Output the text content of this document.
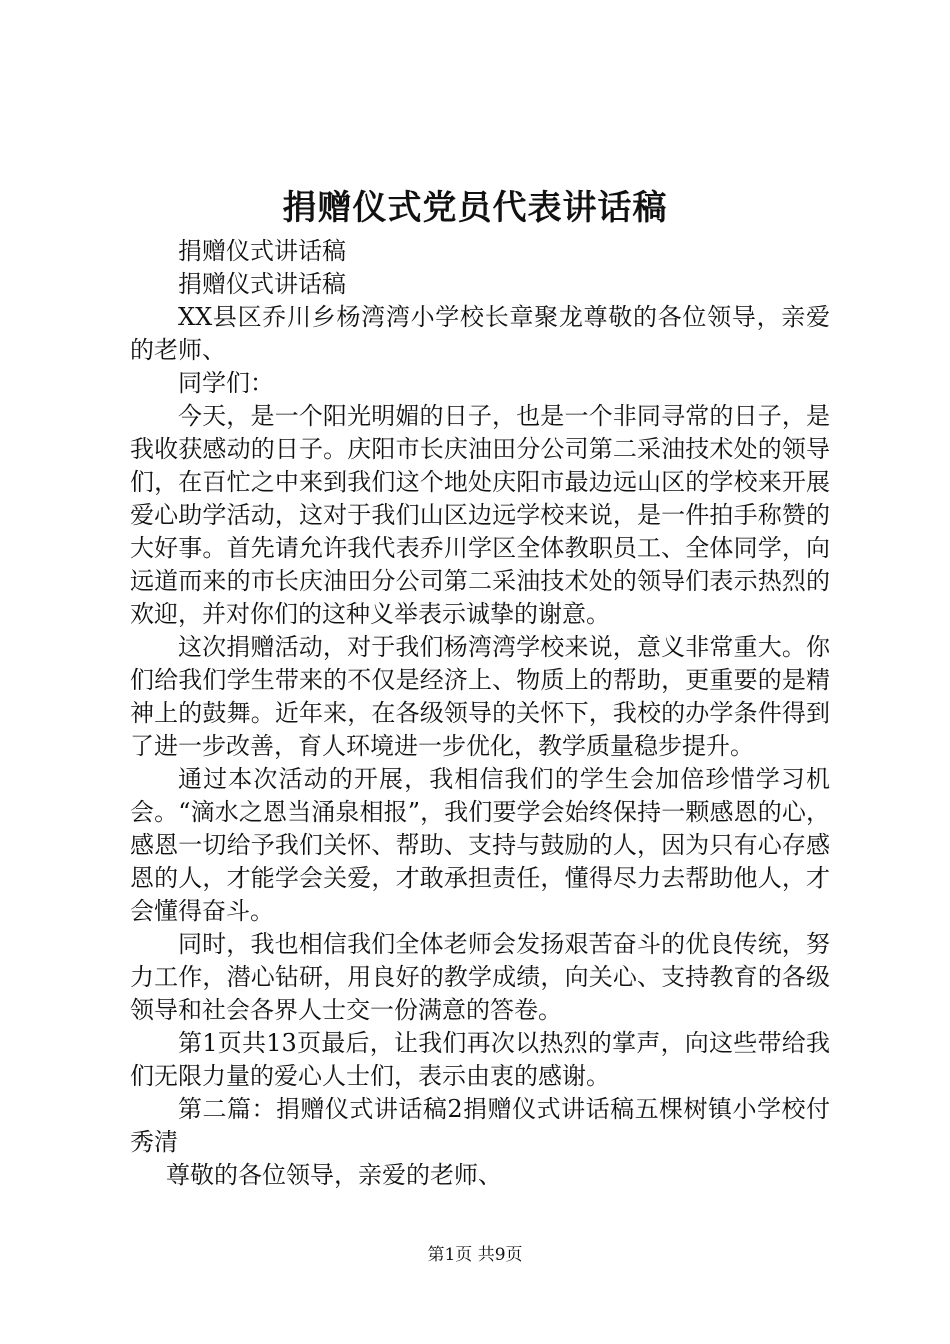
捐赠仪式党员代表讲话稿

捐赠仪式讲话稿

捐赠仪式讲话稿

XX县区乔川乡杨湾湾小学校长章聚龙尊敬的各位领导，亲爱的老师、

同学们：

今天，是一个阳光明媚的日子，也是一个非同寻常的日子，是我收获感动的日子。庆阳市长庆油田分公司第二采油技术处的领导们，在百忙之中来到我们这个地处庆阳市最边远山区的学校来开展爱心助学活动，这对于我们山区边远学校来说，是一件拍手称赞的大好事。首先请允许我代表乔川学区全体教职员工、全体同学，向远道而来的市长庆油田分公司第二采油技术处的领导们表示热烈的欢迎，并对你们的这种义举表示诚挚的谢意。

这次捐赠活动，对于我们杨湾湾学校来说，意义非常重大。你们给我们学生带来的不仅是经济上、物质上的帮助，更重要的是精神上的鼓舞。近年来，在各级领导的关怀下，我校的办学条件得到了进一步改善，育人环境进一步优化，教学质量稳步提升。

通过本次活动的开展，我相信我们的学生会加倍珍惜学习机会。“滴水之恩当涌泉相报”，我们要学会始终保持一颗感恩的心，感恩一切给予我们关怀、帮助、支持与鼓励的人，因为只有心存感恩的人，才能学会关爱，才敢承担责任，懂得尽力去帮助他人，才会懂得奋斗。

同时，我也相信我们全体老师会发扬艰苦奋斗的优良传统，努力工作，潜心钻研，用良好的教学成绩，向关心、支持教育的各级领导和社会各界人士交一份满意的答卷。

第1页共13页最后，让我们再次以热烈的掌声，向这些带给我们无限力量的爱心人士们，表示由衷的感谢。

第二篇：捐赠仪式讲话稿2捐赠仪式讲话稿五棵树镇小学校付秀清

尊敬的各位领导，亲爱的老师、

第1页 共9页
